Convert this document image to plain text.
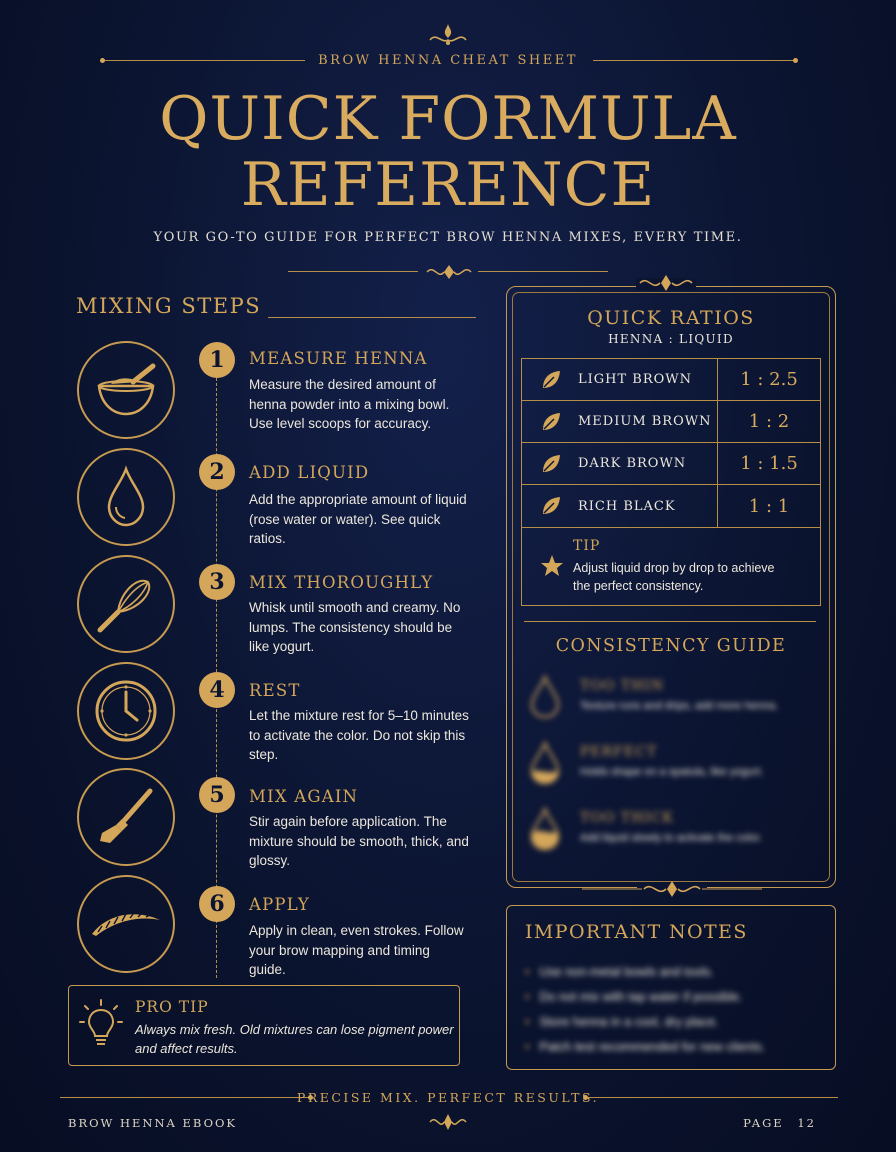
BROW HENNA CHEAT SHEET
QUICK FORMULA
REFERENCE
YOUR GO-TO GUIDE FOR PERFECT BROW HENNA MIXES, EVERY TIME.
MIXING STEPS
1	MEASURE HENNA
Measure the desired amount of henna powder into a mixing bowl. Use level scoops for accuracy.
2	ADD LIQUID
Add the appropriate amount of liquid (rose water or water). See quick ratios.
3	MIX THOROUGHLY
Whisk until smooth and creamy. No lumps. The consistency should be like yogurt.
4	REST
Let the mixture rest for 5–10 minutes to activate the color. Do not skip this step.
5	MIX AGAIN
Stir again before application. The mixture should be smooth, thick, and glossy.
6	APPLY
Apply in clean, even strokes. Follow your brow mapping and timing guide.
PRO TIP
Always mix fresh. Old mixtures can lose pigment power and affect results.
QUICK RATIOS
HENNA : LIQUID
LIGHT BROWN	1 : 2.5
MEDIUM BROWN	1 : 2
DARK BROWN	1 : 1.5
RICH BLACK	1 : 1
TIP
Adjust liquid drop by drop to achieve the perfect consistency.
CONSISTENCY GUIDE
TOO THIN
Texture runs and drips, add more henna.
PERFECT
Holds shape on a spatula, like yogurt.
TOO THICK
Add liquid slowly to activate the color.
IMPORTANT NOTES
• Use non-metal bowls and tools.
• Do not mix with tap water if possible.
• Store henna in a cool, dry place.
• Patch test recommended for new clients.
PRECISE MIX. PERFECT RESULTS.
BROW HENNA EBOOK	PAGE 12
